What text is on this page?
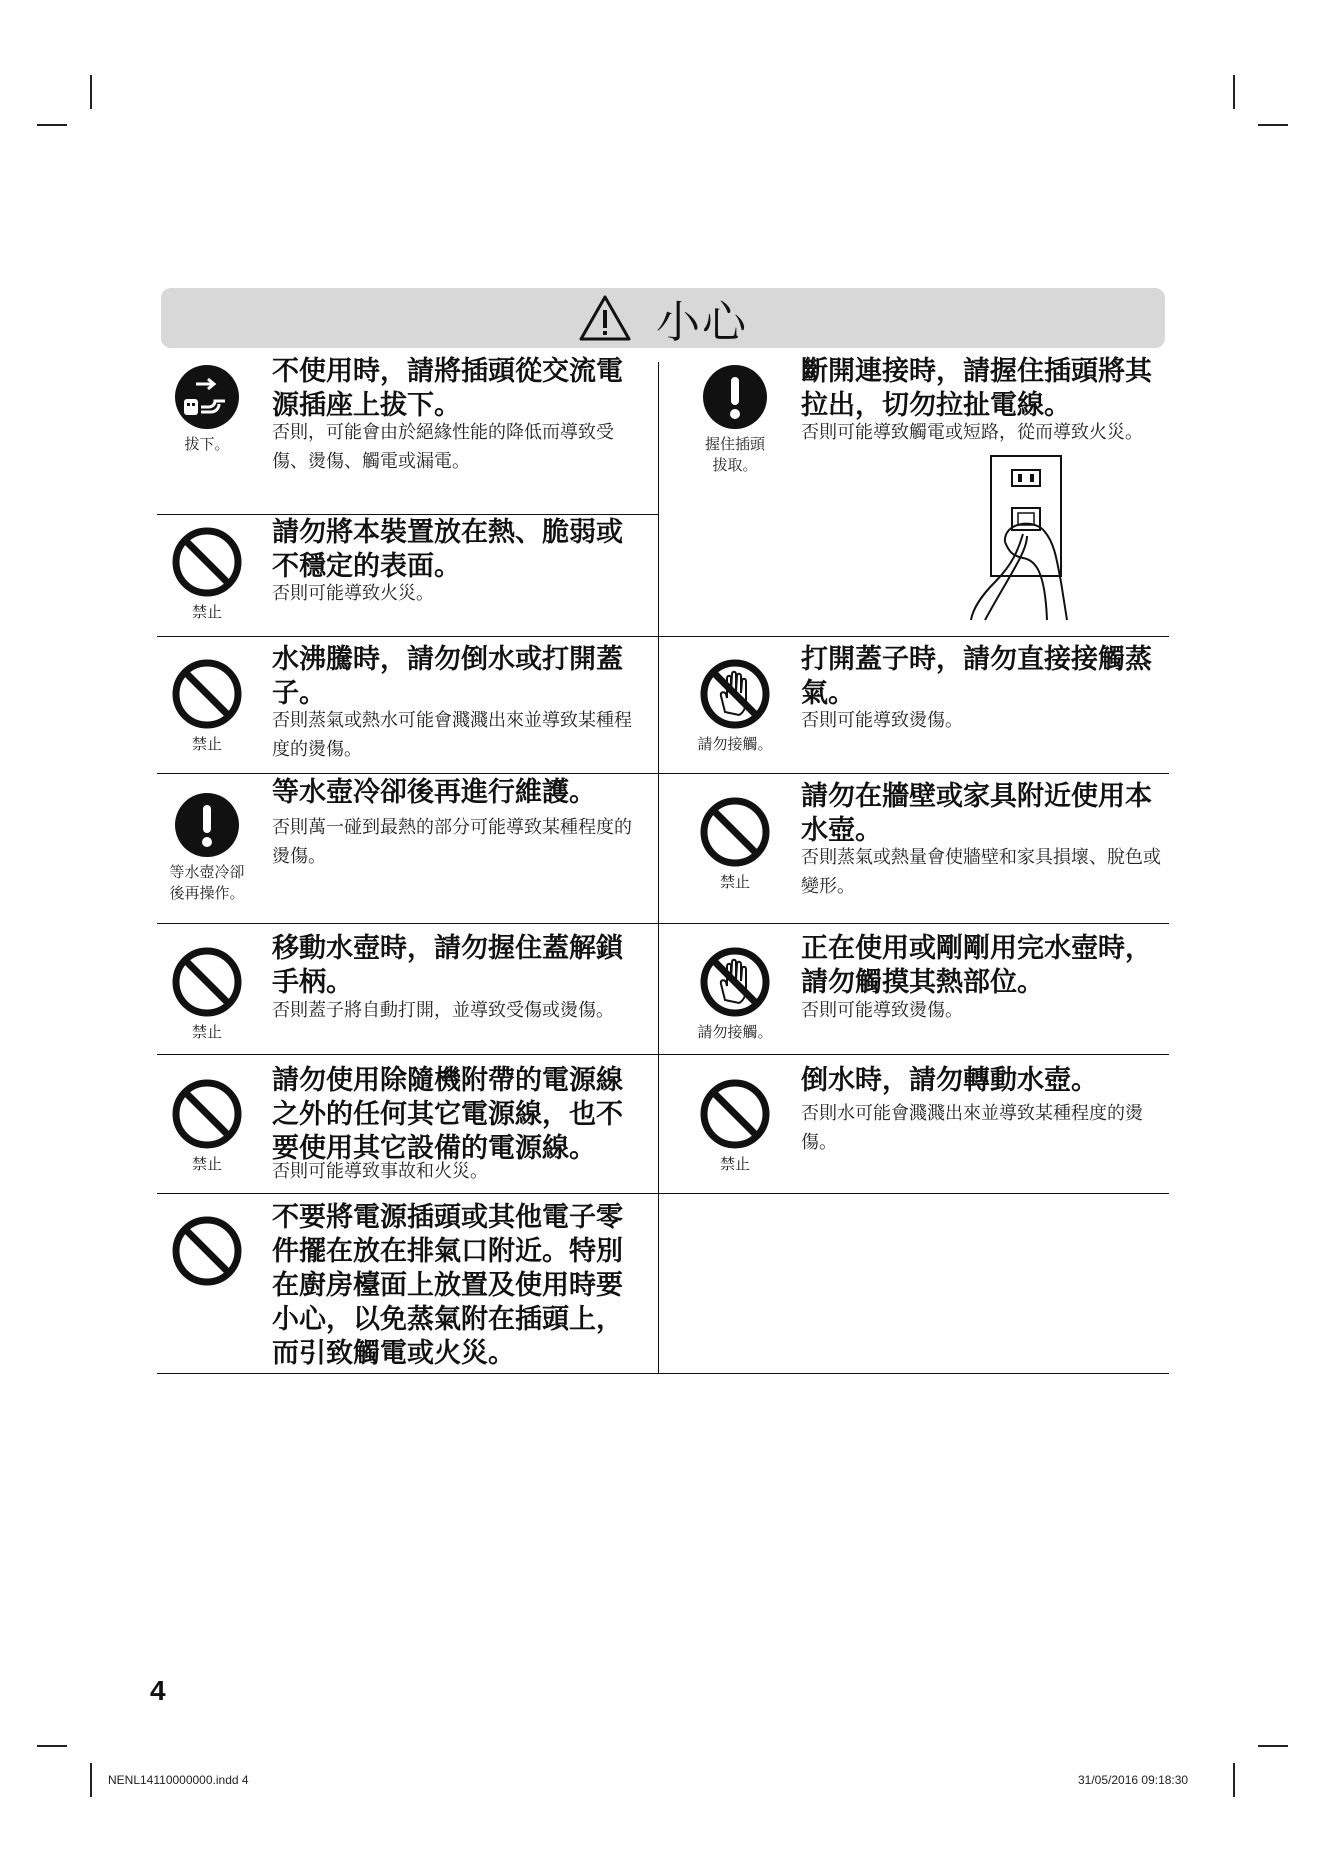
小心
拔下。
不使用時，請將插頭從交流電源插座上拔下。
否則，可能會由於絕緣性能的降低而導致受傷、燙傷、觸電或漏電。
握住插頭拔取。
斷開連接時，請握住插頭將其拉出，切勿拉扯電線。
否則可能導致觸電或短路，從而導致火災。
禁止
請勿將本裝置放在熱、脆弱或不穩定的表面。
否則可能導致火災。
禁止
水沸騰時，請勿倒水或打開蓋子。
否則蒸氣或熱水可能會濺濺出來並導致某種程度的燙傷。	請勿接觸。
打開蓋子時，請勿直接接觸蒸氣。
否則可能導致燙傷。
等水壺冷卻後再操作。
等水壺冷卻後再進行維護。
否則萬一碰到最熱的部分可能導致某種程度的燙傷。
禁止
請勿在牆壁或家具附近使用本水壺。
否則蒸氣或熱量會使牆壁和家具損壞、脫色或變形。
禁止
移動水壺時，請勿握住蓋解鎖手柄。
否則蓋子將自動打開，並導致受傷或燙傷。
請勿接觸。
正在使用或剛剛用完水壺時，請勿觸摸其熱部位。
否則可能導致燙傷。
禁止
請勿使用除隨機附帶的電源線之外的任何其它電源線，也不要使用其它設備的電源線。
否則可能導致事故和火災。	禁止
倒水時，請勿轉動水壺。
否則水可能會濺濺出來並導致某種程度的燙傷。
不要將電源插頭或其他電子零件擺在放在排氣口附近。特別在廚房檯面上放置及使用時要小心，以免蒸氣附在插頭上，而引致觸電或火災。
4
NENL14110000000.indd 4	31/05/2016 09:18:30
